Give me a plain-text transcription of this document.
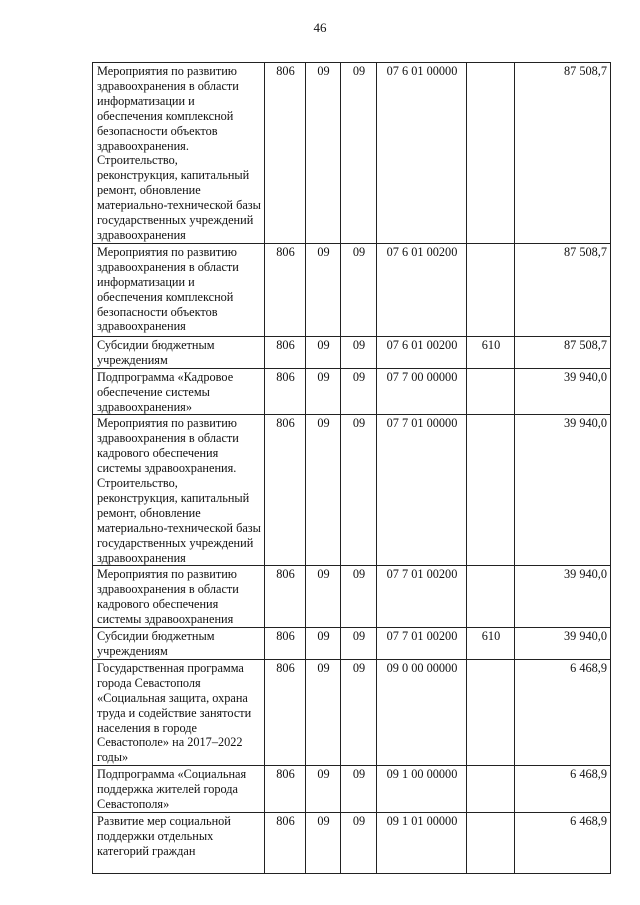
46
Мероприятия по развитию здравоохранения в области информатизации и обеспечения комплексной безопасности объектов здравоохранения. Строительство, реконструкция, капитальный ремонт, обновление материально-технической базы государственных учреждений здравоохранения	806	09	09	07 6 01 00000		87 508,7
Мероприятия по развитию здравоохранения в области информатизации и обеспечения комплексной безопасности объектов здравоохранения	806	09	09	07 6 01 00200		87 508,7
Субсидии бюджетным учреждениям	806	09	09	07 6 01 00200	610	87 508,7
Подпрограмма «Кадровое обеспечение системы здравоохранения»	806	09	09	07 7 00 00000		39 940,0
Мероприятия по развитию здравоохранения в области кадрового обеспечения системы здравоохранения. Строительство, реконструкция, капитальный ремонт, обновление материально-технической базы государственных учреждений здравоохранения	806	09	09	07 7 01 00000		39 940,0
Мероприятия по развитию здравоохранения в области кадрового обеспечения системы здравоохранения	806	09	09	07 7 01 00200		39 940,0
Субсидии бюджетным учреждениям	806	09	09	07 7 01 00200	610	39 940,0
Государственная программа города Севастополя «Социальная защита, охрана труда и содействие занятости населения в городе Севастополе» на 2017–2022 годы»	806	09	09	09 0 00 00000		6 468,9
Подпрограмма «Социальная поддержка жителей города Севастополя»	806	09	09	09 1 00 00000		6 468,9
Развитие мер социальной поддержки отдельных категорий граждан	806	09	09	09 1 01 00000		6 468,9
